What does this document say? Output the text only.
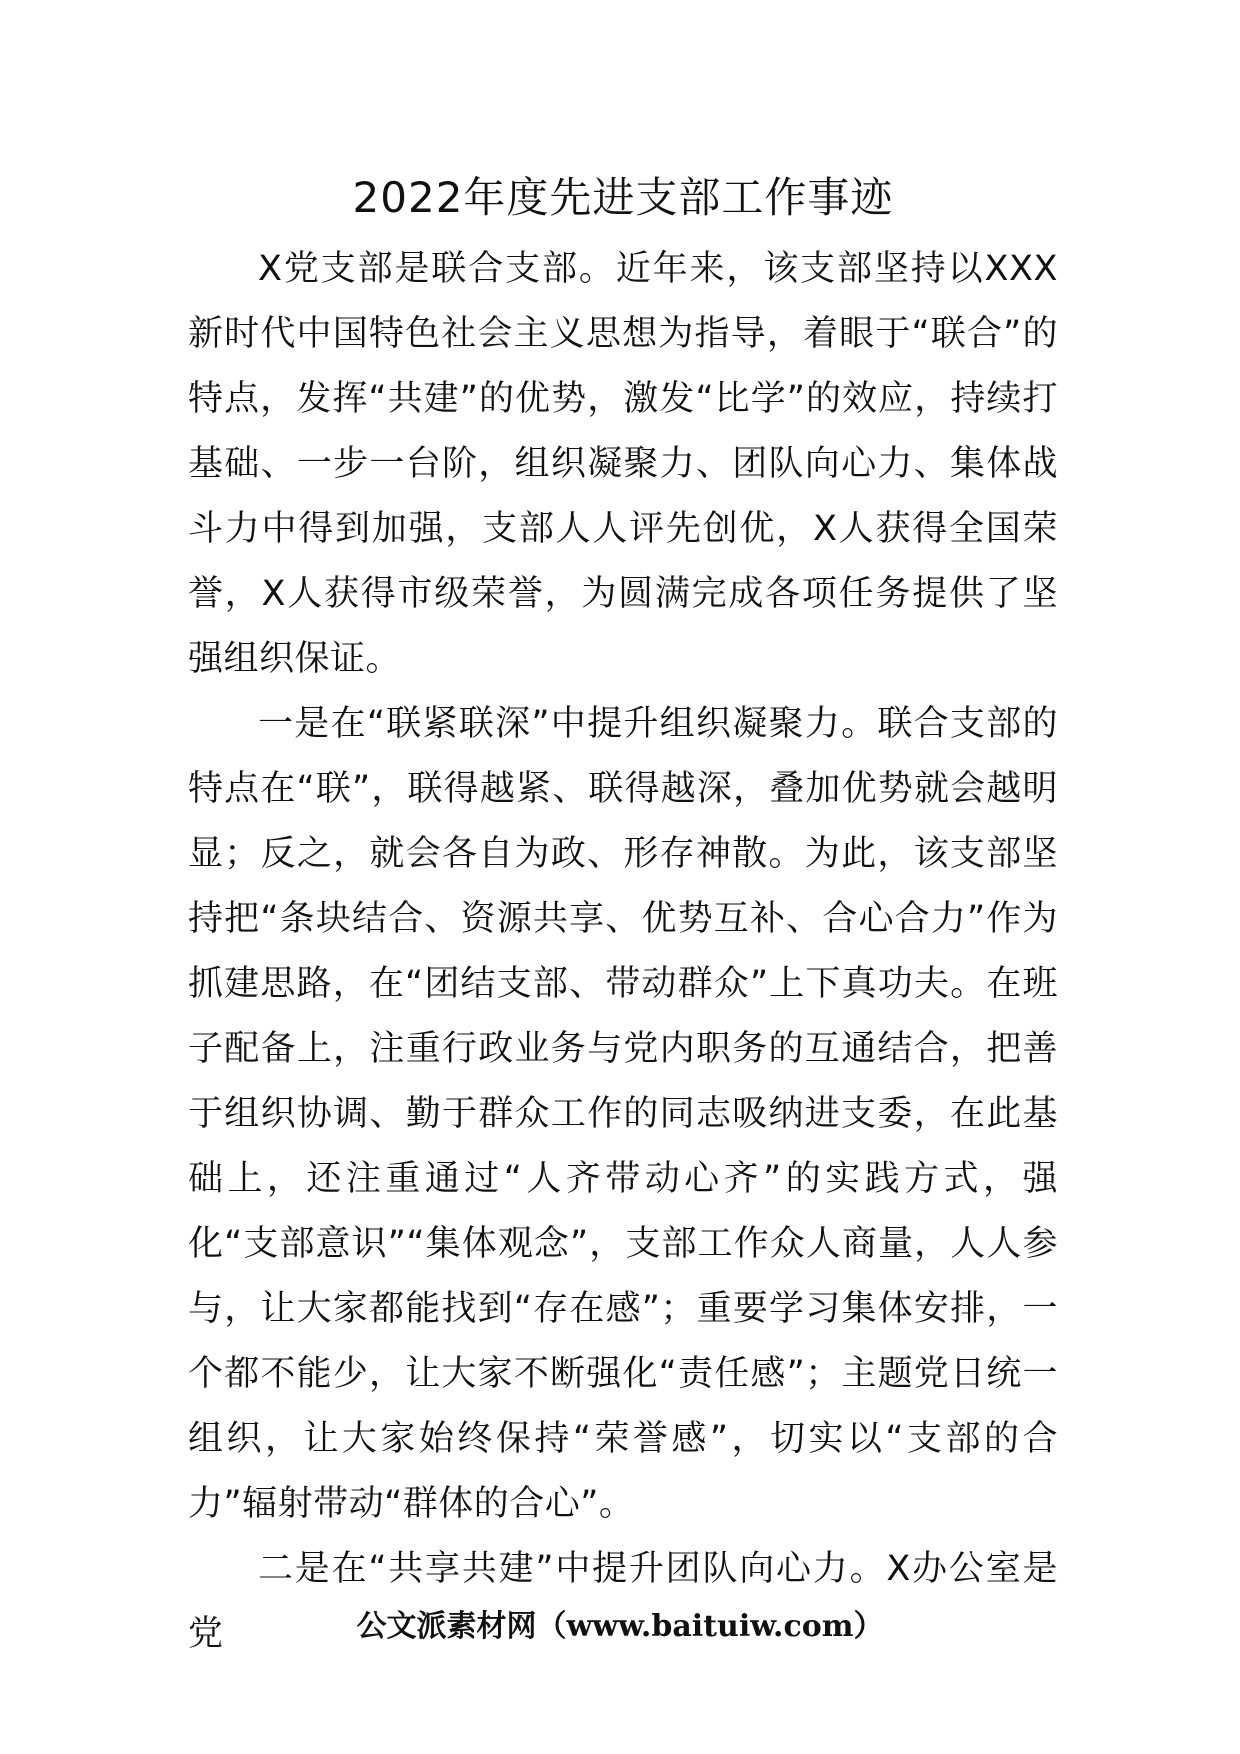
2022年度先进支部工作事迹

X党支部是联合支部。近年来，该支部坚持以XXX新时代中国特色社会主义思想为指导，着眼于“联合”的特点，发挥“共建”的优势，激发“比学”的效应，持续打基础、一步一台阶，组织凝聚力、团队向心力、集体战斗力中得到加强，支部人人评先创优，X人获得全国荣誉，X人获得市级荣誉，为圆满完成各项任务提供了坚强组织保证。

一是在“联紧联深”中提升组织凝聚力。联合支部的特点在“联”，联得越紧、联得越深，叠加优势就会越明显；反之，就会各自为政、形存神散。为此，该支部坚持把“条块结合、资源共享、优势互补、合心合力”作为抓建思路，在“团结支部、带动群众”上下真功夫。在班子配备上，注重行政业务与党内职务的互通结合，把善于组织协调、勤于群众工作的同志吸纳进支委，在此基础上，还注重通过“人齐带动心齐”的实践方式，强化“支部意识”“集体观念”，支部工作众人商量，人人参与，让大家都能找到“存在感”；重要学习集体安排，一个都不能少，让大家不断强化“责任感”；主题党日统一组织，让大家始终保持“荣誉感”，切实以“支部的合力”辐射带动“群体的合心”。

二是在“共享共建”中提升团队向心力。X办公室是党	公文派素材网（www.baituiw.com）
